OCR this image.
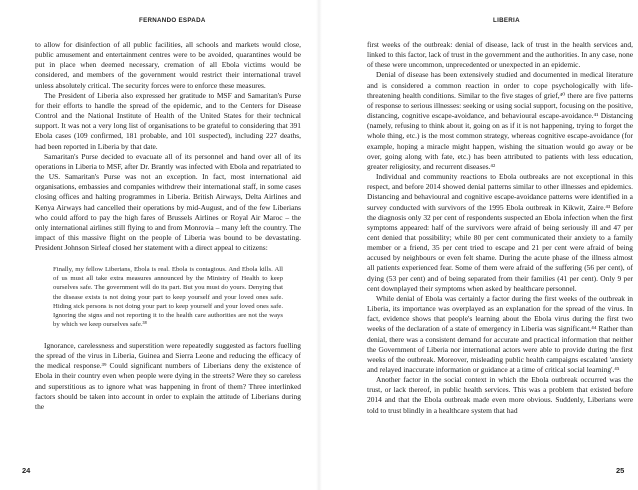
FERNANDO ESPADA

to allow for disinfection of all public facilities, all schools and markets would close, public amusement and entertainment centres were to be avoided, quarantines would be put in place when deemed necessary, cremation of all Ebola victims would be considered, and members of the government would restrict their international travel unless absolutely critical. The security forces were to enforce these measures.

The President of Liberia also expressed her gratitude to MSF and Samaritan's Purse for their efforts to handle the spread of the epidemic, and to the Centers for Disease Control and the National Institute of Health of the United States for their technical support. It was not a very long list of organisations to be grateful to considering that 391 Ebola cases (109 confirmed, 181 probable, and 101 suspected), including 227 deaths, had been reported in Liberia by that date.

Samaritan's Purse decided to evacuate all of its personnel and hand over all of its operations in Liberia to MSF, after Dr. Brantly was infected with Ebola and repatriated to the US. Samaritan's Purse was not an exception. In fact, most international aid organisations, embassies and companies withdrew their international staff, in some cases closing offices and halting programmes in Liberia. British Airways, Delta Airlines and Kenya Airways had cancelled their operations by mid-August, and of the few Liberians who could afford to pay the high fares of Brussels Airlines or Royal Air Maroc – the only international airlines still flying to and from Monrovia – many left the country. The impact of this massive flight on the people of Liberia was bound to be devastating. President Johnson Sirleaf closed her statement with a direct appeal to citizens:

Finally, my fellow Liberians, Ebola is real. Ebola is contagious. And Ebola kills. All of us must all take extra measures announced by the Ministry of Health to keep ourselves safe. The government will do its part. But you must do yours. Denying that the disease exists is not doing your part to keep yourself and your loved ones safe. Hiding sick persons is not doing your part to keep yourself and your loved ones safe. Ignoring the signs and not reporting it to the health care authorities are not the ways by which we keep ourselves safe.³⁸

Ignorance, carelessness and superstition were repeatedly suggested as factors fuelling the spread of the virus in Liberia, Guinea and Sierra Leone and reducing the efficacy of the medical response.³⁹ Could significant numbers of Liberians deny the existence of Ebola in their country even when people were dying in the streets? Were they so careless and superstitious as to ignore what was happening in front of them? Three interlinked factors should be taken into account in order to explain the attitude of Liberians during the

24
LIBERIA

first weeks of the outbreak: denial of disease, lack of trust in the health services and, linked to this factor, lack of trust in the government and the authorities. In any case, none of these were uncommon, unprecedented or unexpected in an epidemic.

Denial of disease has been extensively studied and documented in medical literature and is considered a common reaction in order to cope psychologically with life-threatening health conditions. Similar to the five stages of grief,⁴⁰ there are five patterns of response to serious illnesses: seeking or using social support, focusing on the positive, distancing, cognitive escape-avoidance, and behavioural escape-avoidance.⁴¹ Distancing (namely, refusing to think about it, going on as if it is not happening, trying to forget the whole thing, etc.) is the most common strategy, whereas cognitive escape-avoidance (for example, hoping a miracle might happen, wishing the situation would go away or be over, going along with fate, etc.) has been attributed to patients with less education, greater religiosity, and recurrent diseases.⁴²

Individual and community reactions to Ebola outbreaks are not exceptional in this respect, and before 2014 showed denial patterns similar to other illnesses and epidemics. Distancing and behavioural and cognitive escape-avoidance patterns were identified in a survey conducted with survivors of the 1995 Ebola outbreak in Kikwit, Zaire.⁴³ Before the diagnosis only 32 per cent of respondents suspected an Ebola infection when the first symptoms appeared: half of the survivors were afraid of being seriously ill and 47 per cent denied that possibility; while 80 per cent communicated their anxiety to a family member or a friend, 35 per cent tried to escape and 21 per cent were afraid of being accused by neighbours or even felt shame. During the acute phase of the illness almost all patients experienced fear. Some of them were afraid of the suffering (56 per cent), of dying (53 per cent) and of being separated from their families (41 per cent). Only 9 per cent downplayed their symptoms when asked by healthcare personnel.

While denial of Ebola was certainly a factor during the first weeks of the outbreak in Liberia, its importance was overplayed as an explanation for the spread of the virus. In fact, evidence shows that people's learning about the Ebola virus during the first two weeks of the declaration of a state of emergency in Liberia was significant.⁴⁴ Rather than denial, there was a consistent demand for accurate and practical information that neither the Government of Liberia nor international actors were able to provide during the first weeks of the outbreak. Moreover, misleading public health campaigns escalated 'anxiety and relayed inaccurate information or guidance at a time of critical social learning'.⁴⁵

Another factor in the social context in which the Ebola outbreak occurred was the trust, or lack thereof, in public health services. This was a problem that existed before 2014 and that the Ebola outbreak made even more obvious. Suddenly, Liberians were told to trust blindly in a healthcare system that had

25
